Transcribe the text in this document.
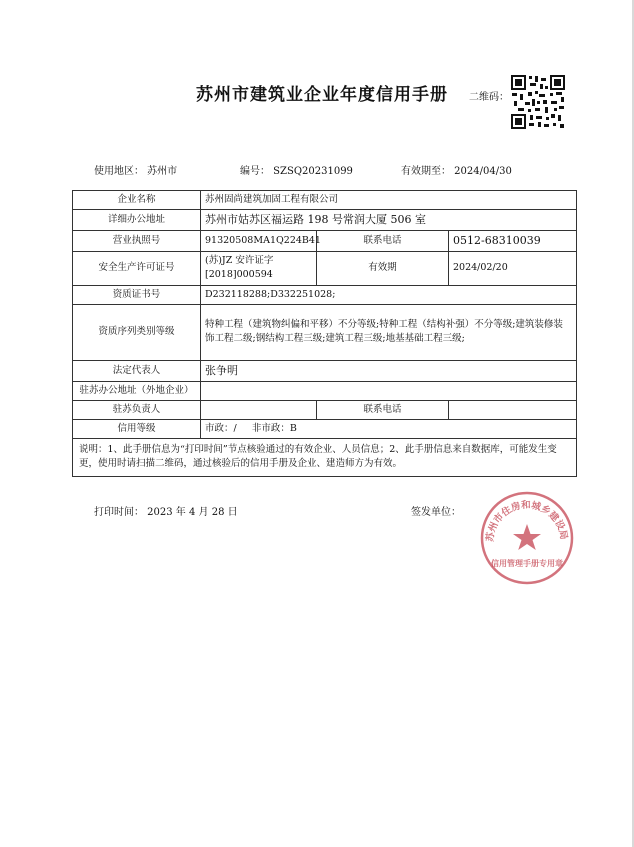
苏州市建筑业企业年度信用手册 二维码：
使用地区： 苏州市	编号： SZSQ20231099	有效期至： 2024/04/30
企业名称	苏州固尚建筑加固工程有限公司		
详细办公地址	苏州市姑苏区福运路 198 号常润大厦 506 室		
营业执照号	91320508MA1Q224B41	联系电话	0512-68310039
安全生产许可证号	(苏)JZ 安许证字 [2018]000594	有效期	2024/02/20
资质证书号	D232118288;D332251028;		
资质序列类别等级	特种工程（建筑物纠偏和平移）不分等级;特种工程（结构补强）不分等级;建筑装修装饰工程二级;钢结构工程三级;建筑工程三级;地基基础工程三级;		
法定代表人	张争明		
驻苏办公地址（外地企业）			
驻苏负责人		联系电话	
信用等级	市政：/ 非市政：B		
说明：1、此手册信息为“打印时间”节点核验通过的有效企业、人员信息；2、此手册信息来自数据库，可能发生变更，使用时请扫描二维码，通过核验后的信用手册及企业、建造师方为有效。			
打印时间： 2023 年 4 月 28 日	签发单位：
苏州市住房和城乡建设局
信用管理手册专用章
